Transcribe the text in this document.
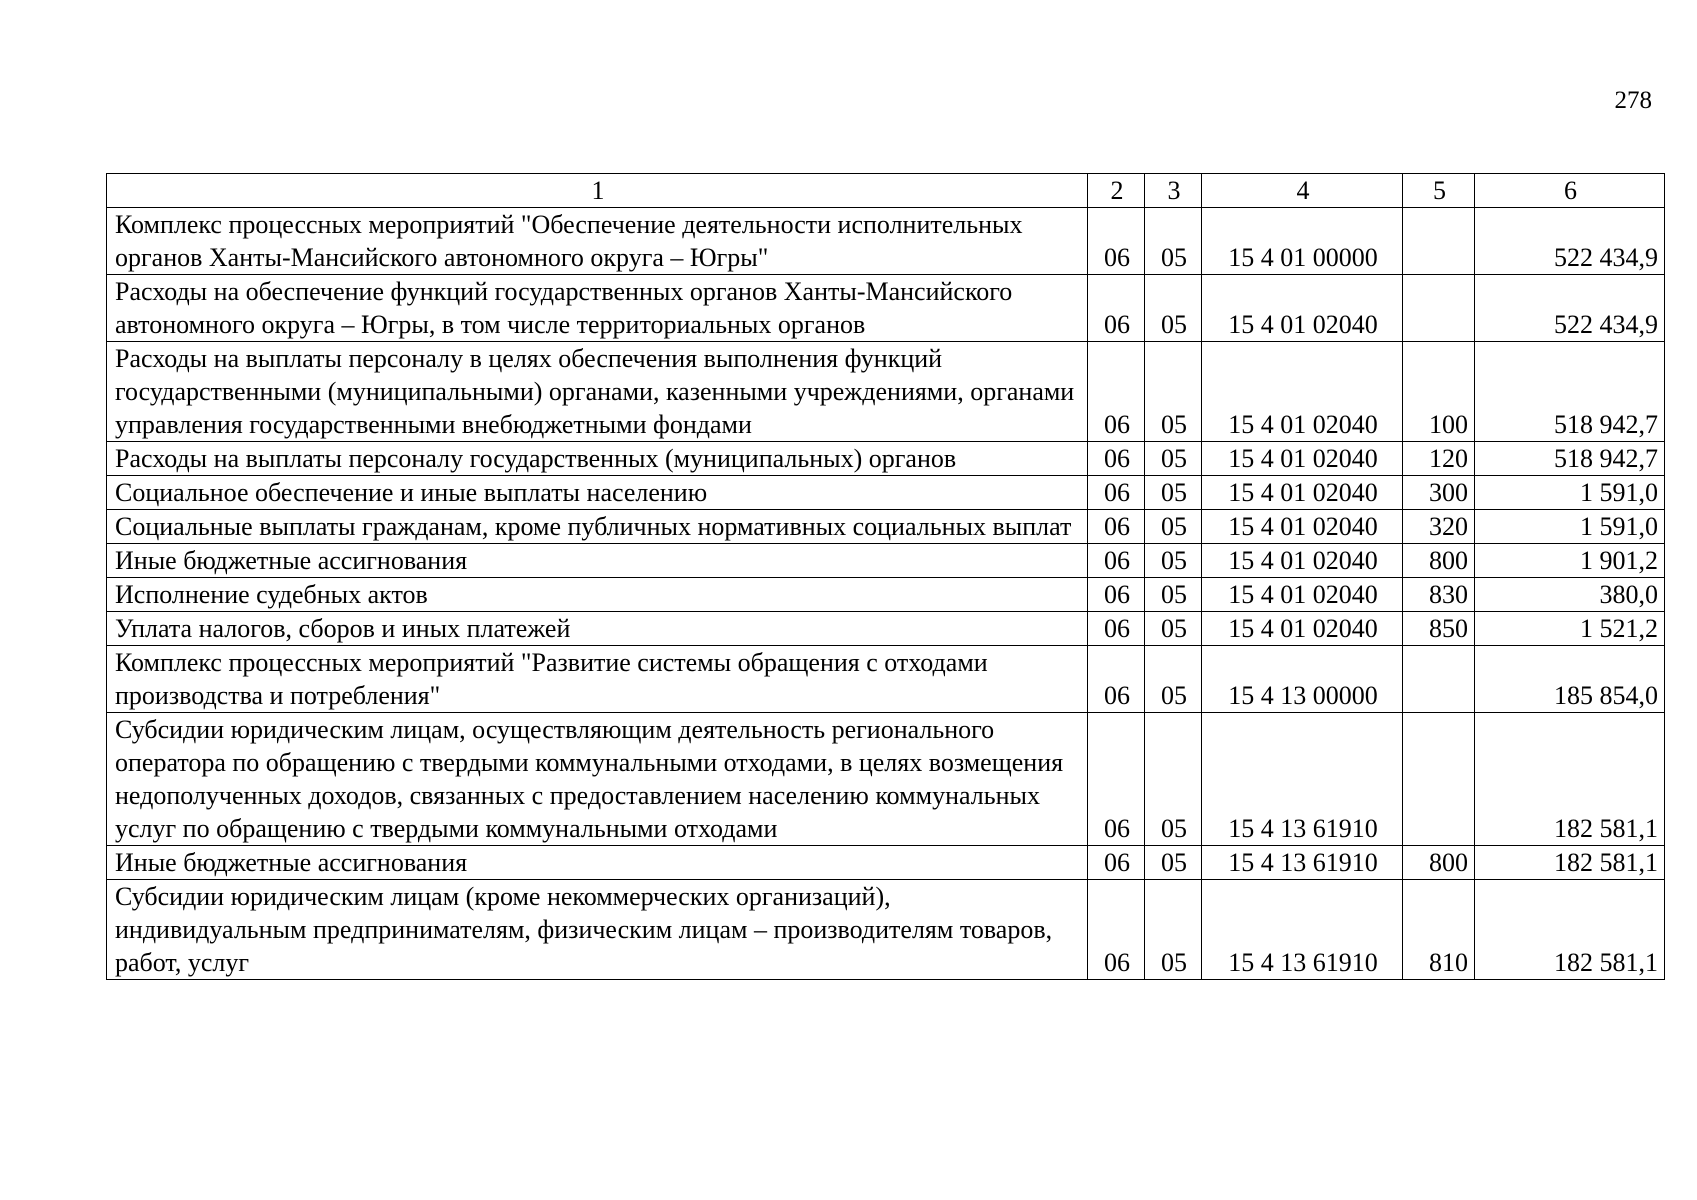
278
1	2	3	4	5	6
Комплекс процессных мероприятий "Обеспечение деятельности исполнительных органов Ханты-Мансийского автономного округа – Югры"	06	05	15 4 01 00000		522 434,9
Расходы на обеспечение функций государственных органов Ханты-Мансийского автономного округа – Югры, в том числе территориальных органов	06	05	15 4 01 02040		522 434,9
Расходы на выплаты персоналу в целях обеспечения выполнения функций государственными (муниципальными) органами, казенными учреждениями, органами управления государственными внебюджетными фондами	06	05	15 4 01 02040	100	518 942,7
Расходы на выплаты персоналу государственных (муниципальных) органов	06	05	15 4 01 02040	120	518 942,7
Социальное обеспечение и иные выплаты населению	06	05	15 4 01 02040	300	1 591,0
Социальные выплаты гражданам, кроме публичных нормативных социальных выплат	06	05	15 4 01 02040	320	1 591,0
Иные бюджетные ассигнования	06	05	15 4 01 02040	800	1 901,2
Исполнение судебных актов	06	05	15 4 01 02040	830	380,0
Уплата налогов, сборов и иных платежей	06	05	15 4 01 02040	850	1 521,2
Комплекс процессных мероприятий "Развитие системы обращения с отходами производства и потребления"	06	05	15 4 13 00000		185 854,0
Субсидии юридическим лицам, осуществляющим деятельность регионального оператора по обращению с твердыми коммунальными отходами, в целях возмещения недополученных доходов, связанных с предоставлением населению коммунальных услуг по обращению с твердыми коммунальными отходами	06	05	15 4 13 61910		182 581,1
Иные бюджетные ассигнования	06	05	15 4 13 61910	800	182 581,1
Субсидии юридическим лицам (кроме некоммерческих организаций), индивидуальным предпринимателям, физическим лицам – производителям товаров, работ, услуг	06	05	15 4 13 61910	810	182 581,1
